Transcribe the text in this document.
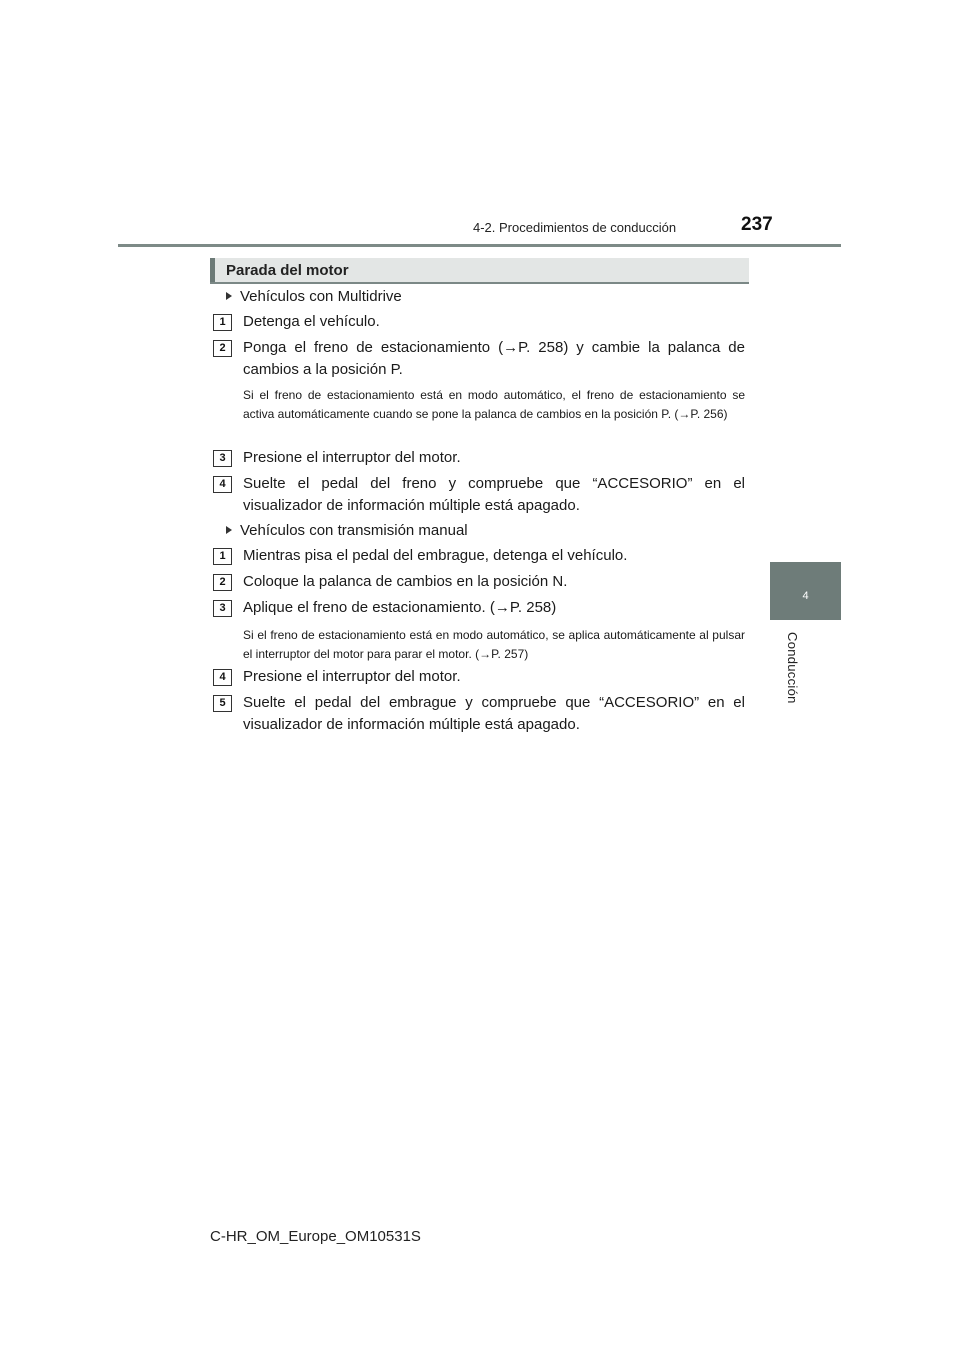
4-2. Procedimientos de conducción	237
4
Conducción
Parada del motor
Vehículos con Multidrive
1	Detenga el vehículo.
2	Ponga el freno de estacionamiento (→P. 258) y cambie la palanca de cambios a la posición P.
Si el freno de estacionamiento está en modo automático, el freno de estacionamiento se activa automáticamente cuando se pone la palanca de cambios en la posición P. (→P. 256)
3	Presione el interruptor del motor.
4	Suelte el pedal del freno y compruebe que “ACCESORIO” en el visualizador de información múltiple está apagado.
Vehículos con transmisión manual
1	Mientras pisa el pedal del embrague, detenga el vehículo.
2	Coloque la palanca de cambios en la posición N.
3	Aplique el freno de estacionamiento. (→P. 258)
Si el freno de estacionamiento está en modo automático, se aplica automáticamente al pulsar el interruptor del motor para parar el motor. (→P. 257)
4	Presione el interruptor del motor.
5	Suelte el pedal del embrague y compruebe que “ACCESORIO” en el visualizador de información múltiple está apagado.
C-HR_OM_Europe_OM10531S
